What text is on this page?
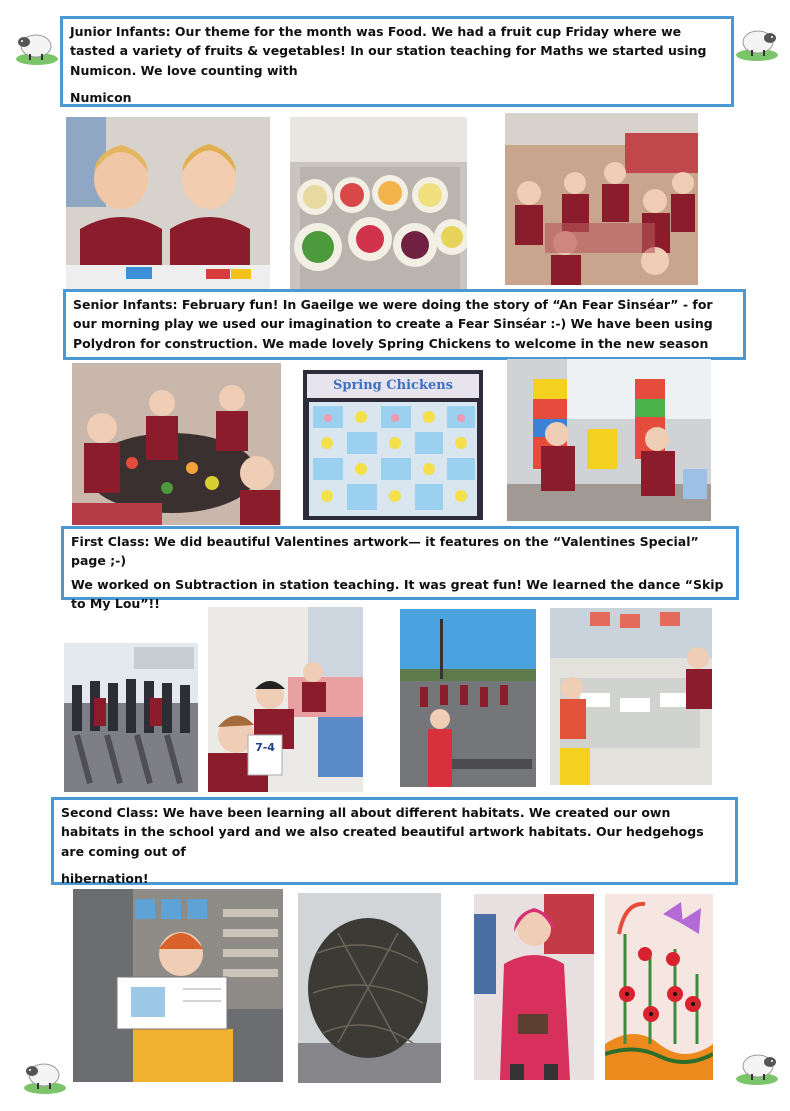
Junior Infants: Our theme for the month was Food. We had a fruit cup Friday where we tasted a variety of fruits & vegetables! In our station teaching for Maths we started using Numicon. We love counting with

Numicon

Senior Infants: February fun! In Gaeilge we were doing the story of “An Fear Sinséar” - for our morning play we used our imagination to create a Fear Sinséar :-) We have been using Polydron for construction. We made lovely Spring Chickens to welcome in the new season

Spring Chickens

First Class: We did beautiful Valentines artwork— it features on the “Valentines Special” page ;-)

We worked on Subtraction in station teaching. It was great fun! We learned the dance “Skip to My Lou”!!

7-4

Second Class: We have been learning all about different habitats. We created our own habitats in the school yard and we also created beautiful artwork habitats. Our hedgehogs are coming out of

hibernation!
